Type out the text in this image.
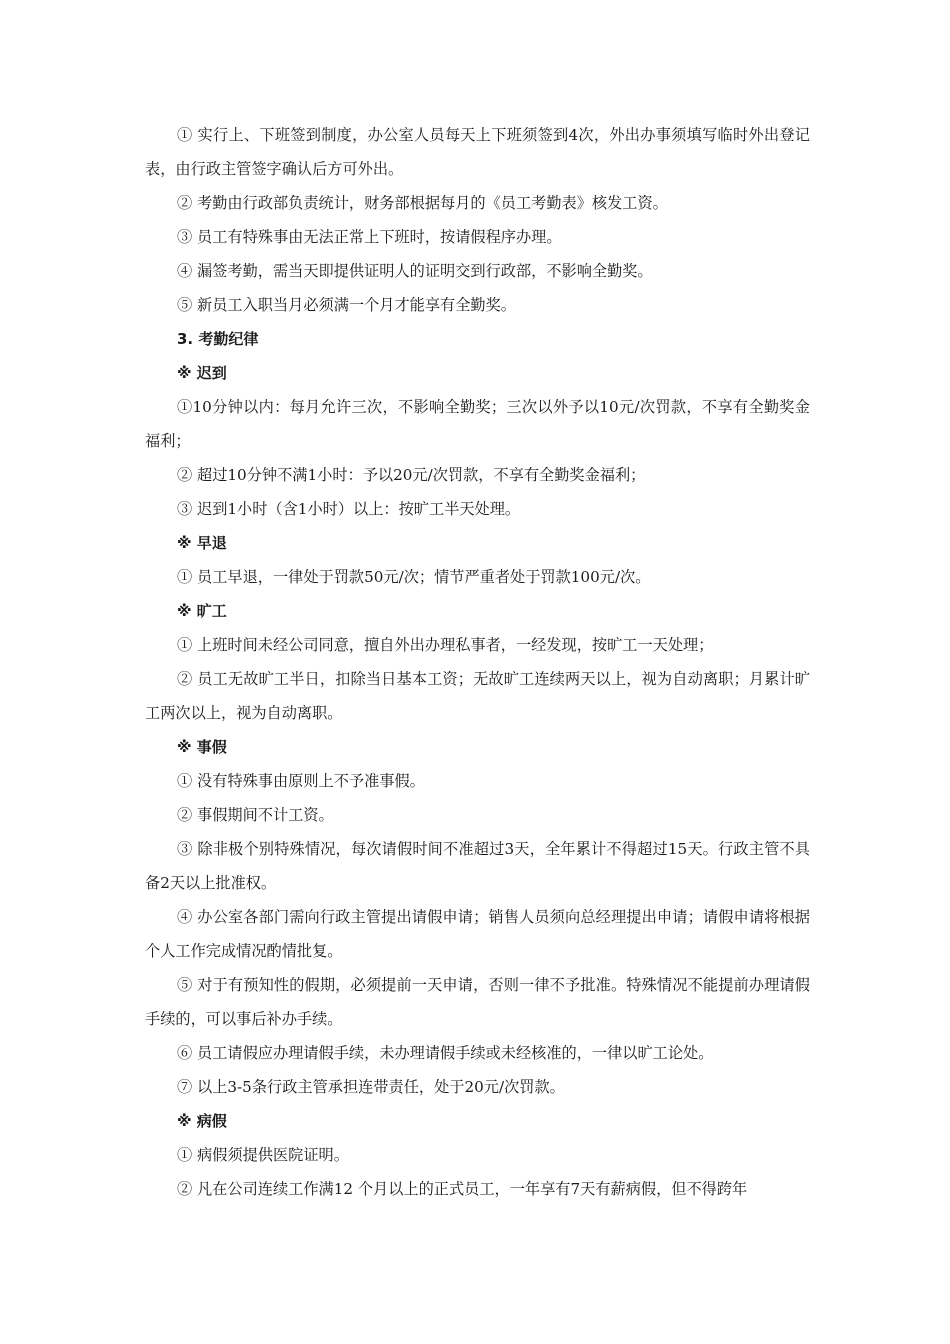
① 实行上、下班签到制度，办公室人员每天上下班须签到4次，外出办事须填写临时外出登记表，由行政主管签字确认后方可外出。

② 考勤由行政部负责统计，财务部根据每月的《员工考勤表》核发工资。

③ 员工有特殊事由无法正常上下班时，按请假程序办理。

④ 漏签考勤，需当天即提供证明人的证明交到行政部，不影响全勤奖。

⑤ 新员工入职当月必须满一个月才能享有全勤奖。

3. 考勤纪律

※ 迟到

①10分钟以内：每月允许三次，不影响全勤奖；三次以外予以10元/次罚款，不享有全勤奖金福利；

② 超过10分钟不满1小时：予以20元/次罚款，不享有全勤奖金福利；

③ 迟到1小时（含1小时）以上：按旷工半天处理。

※ 早退

① 员工早退，一律处于罚款50元/次；情节严重者处于罚款100元/次。

※ 旷工

① 上班时间未经公司同意，擅自外出办理私事者，一经发现，按旷工一天处理；

② 员工无故旷工半日，扣除当日基本工资；无故旷工连续两天以上，视为自动离职；月累计旷工两次以上，视为自动离职。

※ 事假

① 没有特殊事由原则上不予准事假。

② 事假期间不计工资。

③ 除非极个别特殊情况，每次请假时间不准超过3天，全年累计不得超过15天。行政主管不具备2天以上批准权。

④ 办公室各部门需向行政主管提出请假申请；销售人员须向总经理提出申请；请假申请将根据个人工作完成情况酌情批复。

⑤ 对于有预知性的假期，必须提前一天申请，否则一律不予批准。特殊情况不能提前办理请假手续的，可以事后补办手续。

⑥ 员工请假应办理请假手续，未办理请假手续或未经核准的，一律以旷工论处。

⑦ 以上3-5条行政主管承担连带责任，处于20元/次罚款。

※ 病假

① 病假须提供医院证明。

② 凡在公司连续工作满12 个月以上的正式员工，一年享有7天有薪病假，但不得跨年
